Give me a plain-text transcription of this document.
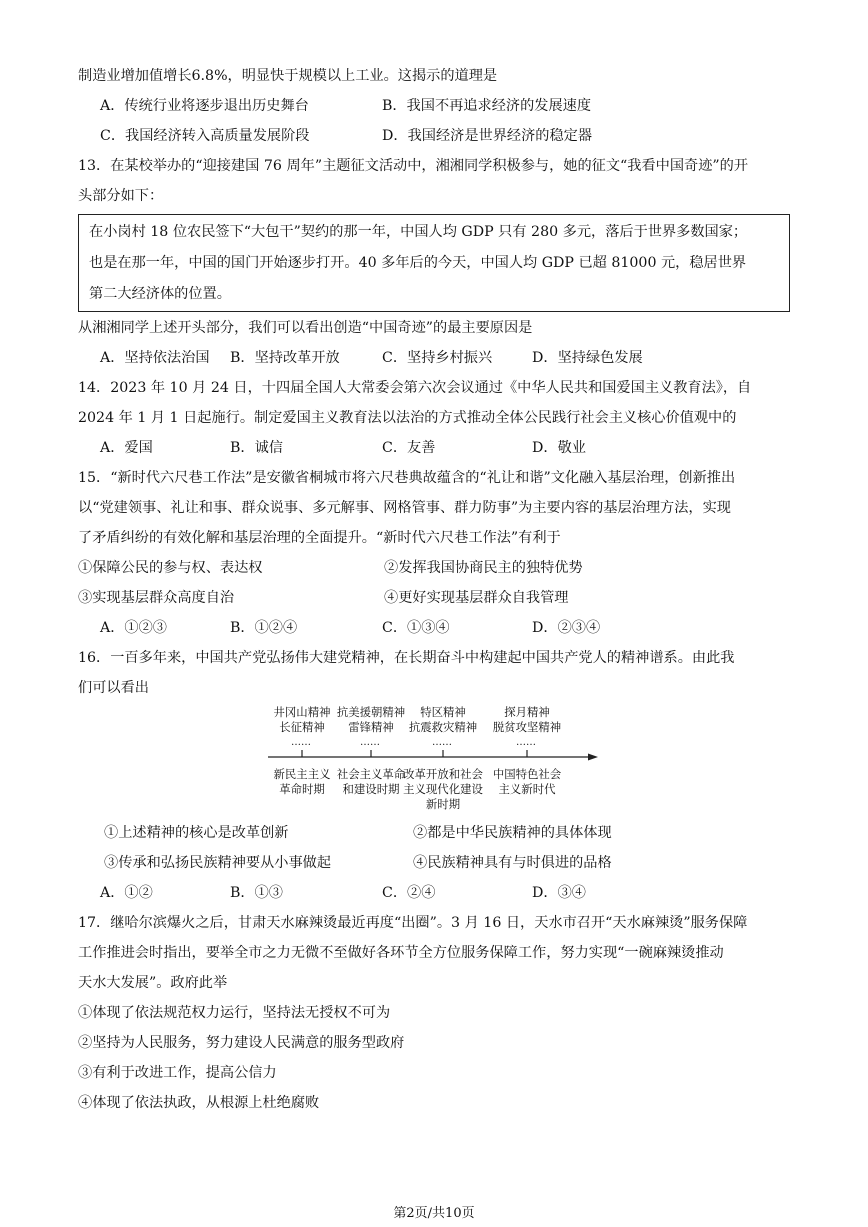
制造业增加值增长6.8%，明显快于规模以上工业。这揭示的道理是
A．传统行业将逐步退出历史舞台	B．我国不再追求经济的发展速度
C．我国经济转入高质量发展阶段	D．我国经济是世界经济的稳定器
13．在某校举办的“迎接建国 76 周年”主题征文活动中，湘湘同学积极参与，她的征文“我看中国奇迹”的开
头部分如下：
在小岗村 18 位农民签下“大包干”契约的那一年，中国人均 GDP 只有 280 多元，落后于世界多数国家；
也是在那一年，中国的国门开始逐步打开。40 多年后的今天，中国人均 GDP 已超 81000 元，稳居世界
第二大经济体的位置。
从湘湘同学上述开头部分，我们可以看出创造“中国奇迹”的最主要原因是
A．坚持依法治国 B．坚持改革开放	C．坚持乡村振兴	D．坚持绿色发展
14．2023 年 10 月 24 日，十四届全国人大常委会第六次会议通过《中华人民共和国爱国主义教育法》，自
2024 年 1 月 1 日起施行。制定爱国主义教育法以法治的方式推动全体公民践行社会主义核心价值观中的
A．爱国	B．诚信	C．友善	D．敬业
15．“新时代六尺巷工作法”是安徽省桐城市将六尺巷典故蕴含的“礼让和谐”文化融入基层治理，创新推出
以“党建领事、礼让和事、群众说事、多元解事、网格管事、群力防事”为主要内容的基层治理方法，实现
了矛盾纠纷的有效化解和基层治理的全面提升。“新时代六尺巷工作法”有利于
①保障公民的参与权、表达权	②发挥我国协商民主的独特优势
③实现基层群众高度自治	④更好实现基层群众自我管理
A．①②③	B．①②④	C．①③④	D．②③④
16．一百多年来，中国共产党弘扬伟大建党精神，在长期奋斗中构建起中国共产党人的精神谱系。由此我
们可以看出
井冈山精神
长征精神
抗美援朝精神
雷锋精神
特区精神
抗震救灾精神
探月精神
脱贫攻坚精神
……	……	……	……
新民主主义
革命时期
社会主义革命
和建设时期
改革开放和社会
主义现代化建设
新时期
中国特色社会
主义新时代
①上述精神的核心是改革创新	②都是中华民族精神的具体体现
③传承和弘扬民族精神要从小事做起	④民族精神具有与时俱进的品格
A．①②	B．①③	C．②④	D．③④
17．继哈尔滨爆火之后，甘肃天水麻辣烫最近再度“出圈”。3 月 16 日，天水市召开“天水麻辣烫”服务保障
工作推进会时指出，要举全市之力无微不至做好各环节全方位服务保障工作，努力实现“一碗麻辣烫推动
天水大发展”。政府此举
①体现了依法规范权力运行，坚持法无授权不可为
②坚持为人民服务，努力建设人民满意的服务型政府
③有利于改进工作，提高公信力
④体现了依法执政，从根源上杜绝腐败
第2页/共10页
